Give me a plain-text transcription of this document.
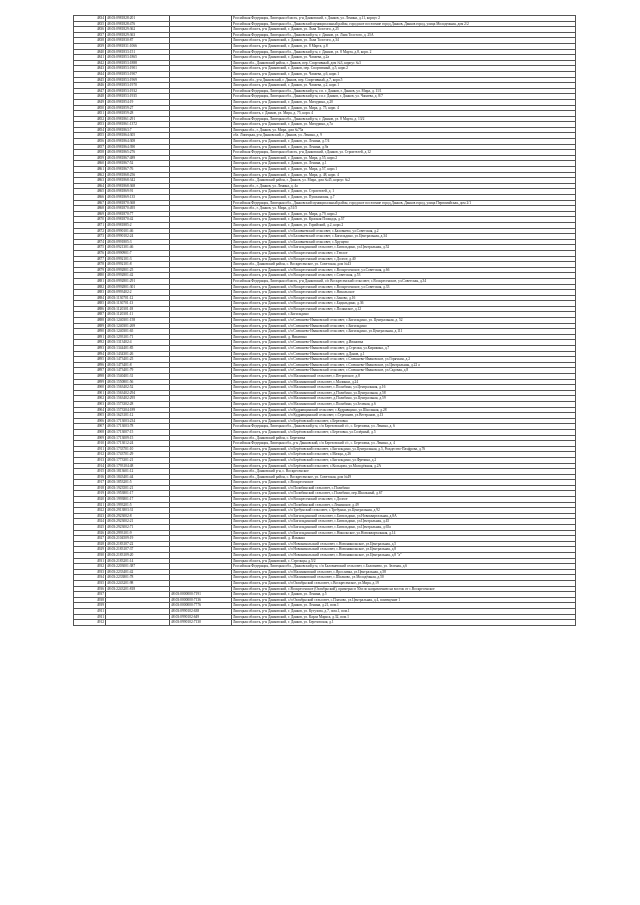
4834	48:03:0981828:201		Российская Федерация, Липецкая область, р-н Данковский, г. Данков, ул. Ленина, д.11, корпус 2
4835	48:03:0981828:476		Российская Федерация, Липецкая обл., Данковский муниципальный район, городское поселение город Данков, Данков город, улица Молодежная, дом 2/2
4836	48:03:0981829:362		Липецкая область, р-н Данковский, г. Данков, ул. Льва Толстого, д.25
4837	48:03:0981829:363		Российская Федерация, Липецкая обл., Данковский р-н, г. Данков, ул. Льва Толстого, д. 25А
4838	48:03:0981830:87		Липецкая область, р-н Данковский, г. Данков, ул. Льва Толстого, д.34
4839	48:03:0981831:1066		Липецкая область, р-н Данковский, г. Данков, ул. 8 Марта, д.8
4840	48:03:0981833:151		Российская Федерация, Липецкая обл., Данковский р-н, г. Данков, ул. 8 Марта, д.8, корп. 2
4841	48:03:0981853:1865		Липецкая область, р-н Данковский, г. Данков, ул. Чапаева, д.2а
4842	48:03:0981853:1888		Липецкая обл., Данковский район, г. Данков, пер. Спортивный, дом №3, корпус №3
4843	48:03:0981853:1901		Липецкая область, р-н Данковский, г. Данков, пер. Спортивный, д.5, корп.2
4844	48:03:0981853:1907		Липецкая область, р-н Данковский, г. Данков, ул. Чапаева, д.6, корп.1
4845	48:03:0981853:1969		Липецкая обл., р-н Данковский, г. Данков, пер. Спортивный, д.7, корп.5
4846	48:03:0981853:1970		Липецкая область, р-н Данковский, г. Данков, ул. Чапаева, д.2, корп.1
4847	48:03:0981853:1932		Российская Федерация, Липецкая обл., Данковский р-н, г.п. г. Данков, г. Данков, ул. Мира, д. 11/1
4848	48:03:0981853:1935		Российская Федерация, Липецкая обл., Данковский р-н, г.п.г. Данков, г. Данков, ул. Чапаева, д. 8/7
4849	48:03:0981854:19		Липецкая область, р-н Данковский, г. Данков, ул. Мичурина, д.20
4850	48:03:0981859:27		Липецкая область, р-н Данковский, г. Данков, ул. Мира, д. 75, корп. 4
4851	48:03:0981859:28		Липецкая область, г. Данков, ул. Мира, д. 75, корп. 4
4852	48:03:0981861:291		Российская Федерация, Липецкая обл., Данковский р-н, г. Данков, ул. 8 Марта, д. 13/2
4853	48:03:0981861:1372		Липецкая область, р-н Данковский, г. Данков, ул. Мичурина, д.7а
4854	48:03:0981863:7		Липецкая обл., г. Данков, ул. Мира, дом №75а
4855	48:03:0981864:305		обл. Липецкая, р-н Данковский, г. Данков, ул. Ленина, д. 9
4856	48:03:0981864:308		Липецкая область, р-н Данковский, г. Данков, ул. Ленина, д.7/4
4857	48:03:0981864:390		Липецкая область, р-н Данковский, г. Данков, ул. Ленина, д.9а
4858	48:03:0981865:276		Российская Федерация, Липецкая область, р-н Данковский, г.Данков, ул. Строителей, д.12
4859	48:03:0981867:489		Липецкая область, р-н Данковский, г. Данков, ул. Мира, д.55, корп.2
4860	48:03:0981867:52		Липецкая область, р-н Данковский, г. Данков, ул. Ленина, д.1
4861	48:03:0981867:76		Липецкая область, р-н Данковский, г. Данков, ул. Мира, д.57, корп.1
4862	48:03:0981868:256		Липецкая область, р-н Данковский, г. Данков, ул. Мира, д. 48, корп. 4
4863	48:03:0981868:342		Липецкая обл., Данковский район, г. Данков, ул. Мира, дом №45, корпус №2
4864	48:03:0981868:368		Липецкая обл., г. Данков, ул. Ленина, д. 4а
4865	48:03:0981869:91		Липецкая область, р-н Данковский, г. Данков, ул. Строителей, д. 1
4866	48:03:0981869:135		Липецкая область, р-н Данковский, г. Данков, ул. Пушкинская, д.7
4867	48:03:0981870:368		Российская Федерация, Липецкая обл., Данковский муниципальный район, городское поселение город Данков, Данков город, улица Первомайская, дом 2/1
4868	48:03:0981870:495		Липецкая обл., г. Данков, ул. Мира, д.51/5
4869	48:03:0981870:77		Липецкая область, р-н Данковский, г. Данков, ул. Мира, д.79, корп.2
4870	48:03:0981870:42		Липецкая область, р-н Данковский, г. Данков, ул. Красная Площадь, д.57
4871	48:03:0981885:2		Липецкая область, р-н Данковский, г. Данков, ул. Горийский, д.2, корп.2
4872	48:03:0990101:46		Липецкая область, р-н Данковский, с/п Баловневский сельсовет, с.Баловнево, ул.Советская, д.2
4873	48:03:0990102:24		Липецкая область, р-н Данковский, с/п Баловневский сельсовет, с.Бигильдино, ул.Центральная, д.34
4874	48:03:0991805:3		Липецкая область, р-н Данковский, с/п Баловневский сельсовет, с.Хрущево
4875	48:03:0921301:46		Липецкая область, р-н Данковский, с/п Бигильдинский сельсовет, с.Бигильдино, ул.Центральная, д.52
4876	48:03:0990901:7		Липецкая область, р-н Данковский, с/п Воскресенский сельсовет, с.Теплое
4877	48:03:0992101:3		Липецкая область, р-н Данковский, с/п Воскресенский сельсовет, с.Долгое, д.40
4878	48:03:0992101:8		Липецкая обл., Данковский район, с. Воскресенское, ул. Советская, дом №43
4879	48:03:0992801:25		Липецкая область, р-н Данковский, с/п Воскресенский сельсовет, с.Воскресенское, ул.Советская, д.66
4880	48:03:0992801:42		Липецкая область, р-н Данковский, с/п Воскресенский сельсовет, с.Советская, д.53
4881	48:03:0992801:291		Российская Федерация, Липецкая область, р-н Данковский, с/п Воскресенский сельсовет, с.Воскресенское, ул.Советская, д.34
4882	48:03:0992801:301		Липецкая область, р-н Данковский, с/п Воскресенский сельсовет, с.Воскресенское, ул.Советская, д.33
4883	48:03:0993402:2		Липецкая область, р-н Данковский, с/п Воскресенский сельсовет, с.Никольское
4884	48:03:1130701:12		Липецкая область, р-н Данковский, с/п Воскресенский сельсовет, с.Заново, д.16
4885	48:03:1130701:13		Липецкая область, р-н Данковский, с/п Воскресенский сельсовет, с.Бидильдино, д.36
4886	48:03:1120301:18		Липецкая область, р-н Данковский, с/п Воскресенский сельсовет, с.Полянское, д.12
4887	48:03:1120301:11		Липецкая область, р-н Данковский, с.Бигильдино
4888	48:03:1240301:158		Липецкая область, р-н Данковский, с/п Спешнево-Ивановский сельсовет, с.Бигильдино, ул. Центральная, д. 52
4889	48:03:1240301:269		Липецкая область, р-н Данковский, с/п Спешнево-Ивановский сельсовет, с.Бигильдино
4890	48:03:1240301:65		Липецкая область, р-н Данковский, с/п Спешнево-Ивановский сельсовет, с.Бигильдино, ул.Центральная, д.111
4891	48:03:1293101:71		Липецкая область, р-н Данковский, д. Никитино
4892	48:03:1313402:4		Липецкая область, р-н Данковский, с/п Спешнево-Ивановский сельсовет, д.Ивановка
4893	48:03:1344401:85		Липецкая область, р-н Данковский, с/п Спешнево-Ивановский сельсовет, д.Стрелки, ул.Кирикина, д.7
4894	48:03:1434301:26		Липецкая область, р-н Данковский, с/п Спешнево-Ивановский сельсовет, д.Данов, д.1
4895	48:03:1473401:25		Липецкая область, р-н Данковский, с/п Спешнево-Ивановский сельсовет, с.Спешнево-Ивановское, ул.Горячкин, д.2
4896	48:03:1473401:8		Липецкая область, р-н Данковский, с/п Спешнево-Ивановский сельсовет, с.Спешнево-Ивановское, ул.Центральная, д.22 а
4897	48:03:1473401:79		Липецкая область, р-н Данковский, с/п Спешнево-Ивановский сельсовет, с.Спешнево-Ивановское, ул.Садовая, д.8
4898	48:03:1540401:31		Липецкая область, р-н Данковский, с/п Малинковский сельсовет, с.Петровское, д.8
4899	48:03:1550801:56		Липецкая область, р-н Данковский, с/п Малинковский сельсовет, с.Малинки, д.24
4900	48:03:1563402:52		Липецкая область, р-н Данковский, с/п Малинковский сельсовет, с.Полибино, ул.Центральная, д.16
4901	48:03:1563402:294		Липецкая область, р-н Данковский, с/п Малинковский сельсовет, д.Полибино, ул.Центральная, д.58
4902	48:03:1563402:295		Липецкая область, р-н Данковский, с/п Малинковский сельсовет, д.Полибино, ул.Центральная, д.59
4903	48:03:1573302:28		Липецкая область, р-н Данковский, с/п Малинковский сельсовет, с.Полибино, ул.Зеленая, д.6
4904	48:03:1573304:189		Липецкая область, р-н Данковский, с/п Кудрявщинский сельсовет, с.Кудрявщино, ул.Школьная, д.28
4905	48:03:1623101:12		Липецкая область, р-н Данковский, с/п Кудрявщинский сельсовет, с.Стрешнев, ул.Ветеранов, д.13
4906	48:03:1713003:234		Липецкая область, р-н Данковский, с/п Берёзовский сельсовет, с.Березовка
4907	48:03:1713003:78		Российская Федерация, Липецкая обл., Данковский р-н, с/п Березовский с/с, с. Березовка, ул. Ленина, д. 6
4908	48:03:1713007:15		Липецкая область, р-н Данковский, с/п Берёзовский сельсовет, с.Березовка, ул.Солёрный, д.5
4909	48:03:1713009:15		Липецкая обл., Данковский район, с. Березовка
4910	48:03:1713012:24		Российская Федерация, Липецкая обл., р-н Данковский, с/п Березовский с/с, с. Березовка, ул. Ленина, д. 4
4911	48:03:1733701:10		Липецкая область, р-н Данковский, с/п Берёзовский сельсовет, с.Бигильдино, ул.Центральная, д.5, Рождество-Пахфрова, д.76
4912	48:03:1743701:29		Липецкая область, р-н Данковский, с/п Берёзовский сельсовет, с.Мазцы, д.26
4913	48:03:1773301:21		Липецкая область, р-н Данковский, с/п Берёзовский сельсовет, с.Бигильдино, ул.Фрезина, д.2
4914	48:03:1793104:48		Липецкая область, р-н Данковский, с/п Берёзовский сельсовет, с.Кольцова, ул.Молодёжная, д.2А
4915	48:03:1813601:12		Липецкая обл., Данковский р-н, с. Воскресенское
4916	48:03:1843401:44		Липецкая обл., Данковский район, с. Воскресенское, ул. Советская, дом №49
4917	48:03:1853201:5		Липецкая область, р-н Данковский, с.Воскресенское
4918	48:03:1923501:21		Липецкая область, р-н Данковский, с/п Полибинский сельсовет, с.Полибино
4919	48:03:1953801:17		Липецкая область, р-н Данковский, с/п Полибинский сельсовет, с.Полибино, пер.Школьный, д.67
4920	48:03:1993801:17		Липецкая область, р-н Данковский, с/п Воскресенский сельсовет, с.Долгое
4921	48:03:1993201:5		Липецкая область, р-н Данковский, с/п Полибинский сельсовет, с.Ленинское, д.49
4922	48:03:2913803:31		Липецкая область, р-н Данковский, с/п Требунский сельсовет, с.Требунки, ул.Центральная, д.92
4923	48:03:2923002:8		Липецкая область, р-н Данковский, с/п Бигильдинский сельсовет, с.Бигильдино, ул.Новоквартальная, д.8А
4924	48:03:2923002:21		Липецкая область, р-н Данковский, с/п Бигильдинский сельсовет, с.Бигильдино, ул.Центральная, д.45
4925	48:03:2923002:71		Липецкая область, р-н Данковский, с/п Бигильдинский сельсовет, с.Бигильдино, ул.Центральная, д.65а
4926	48:03:2993101:9		Липецкая область, р-н Данковский, с/п Бигильдинский сельсовет, с.Никольское, ул.Новоквартальная, д.14
4927	48:03:2104509:19		Липецкая область, р-н Данковский, д. Ильинка
4928	48:03:2183107:22		Липецкая область, р-н Данковский, с/п Новоникольский сельсовет, с.Новоникольское, ул.Центральная, д.5
4929	48:03:2183107:37		Липецкая область, р-н Данковский, с/п Новоникольский сельсовет, с.Новоникольское, ул.Центральная, д.8
4930	48:03:2183109:20		Липецкая область, р-н Данковский, с/п Новоникольский сельсовет, с.Новоникольское, ул.Центральная, д.8 "а"
4931	48:03:2183201:14		Липецкая область, р-н Данковский, с. Стрельцы, д.5/2
4932	48:03:2203001:387		Российская Федерация, Липецкая обл., Данковский р-н, с/п Баловневский сельсовет, с.Баловнево, ул. Зеленая, д.6
4933	48:03:2233401:42		Липецкая область, р-н Данковский, с/п Малинковский сельсовет, с.Ярославка, ул.Центральная, д.58
4934	48:03:2233801:78		Липецкая область, р-н Данковский, с/п Малинковский сельсовет, с.Шилково, ул.Молодёжная, д.50
4935	48:03:2243201:98		Липецкая область, р-н Данковский, с/п Октябрьский сельсовет, с.Воскресенское, ул.Мира, д.19
4936	48:03:2243201:818		Липецкая область, р-н Данковский, с.Воскресенское (Октябрьский), примерно в 50м по направлению на восток от с.Воскресенское
4937		48:03:0000000:7191	Липецкая область, р-н Данковский, г. Данков, ул. Ленина, д.5
4938		48:03:0000000:7136	Липецкая область, р-н Данковский, с/п Октябрьский сельсовет, с.Плахово, ул.Центральная, д.4, помещение 1
4939		48:03:0000000:7776	Липецкая область, р-н Данковский, г. Данков, ул. Ленина, д.21, пом.1
4911		48:03:0990102:638	Липецкая область, р-н Данковский, г. Данков, ул. Кутузова, д.7, пом.1, пом.1
4911		48:03:0990102:649	Липецкая область, р-н Данковский, г. Данков, ул. Карла Маркса, д.32, пом.1
4912		48:03:0990102:7130	Липецкая область, р-н Данковский, г. Данков, ул. Березовская, д.1
